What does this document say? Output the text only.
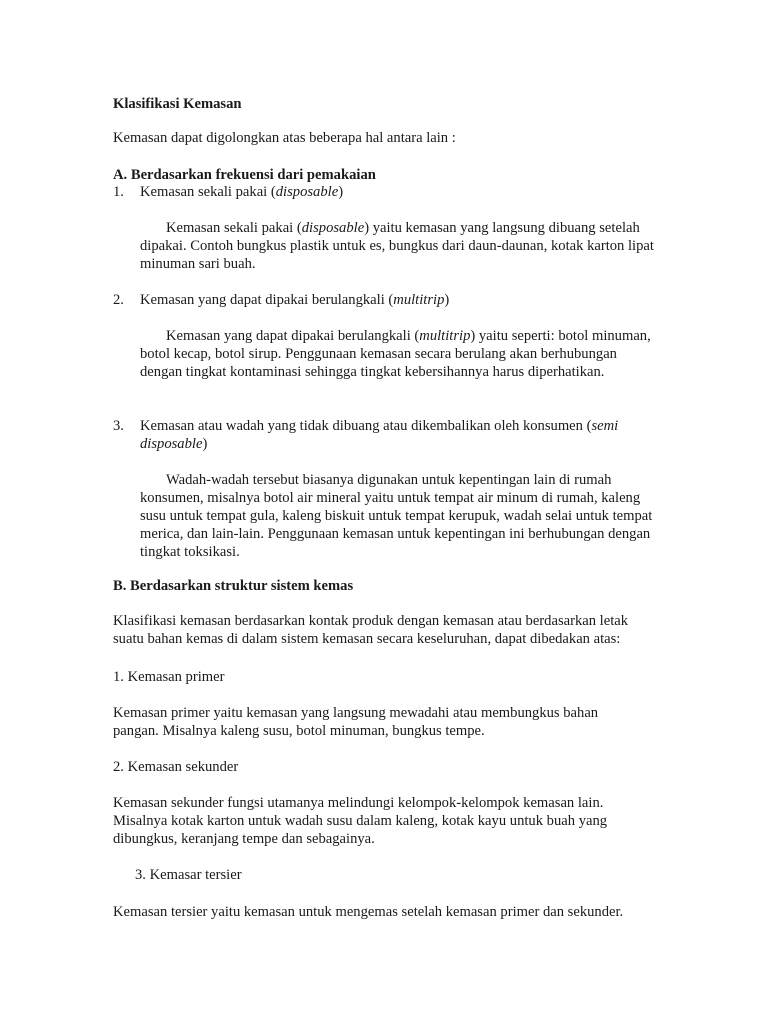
Klasifikasi Kemasan

Kemasan dapat digolongkan atas beberapa hal antara lain :

A. Berdasarkan frekuensi dari pemakaian

1. Kemasan sekali pakai (disposable)

Kemasan sekali pakai (disposable) yaitu kemasan yang langsung dibuang setelah dipakai. Contoh bungkus plastik untuk es, bungkus dari daun-daunan, kotak karton lipat minuman sari buah.

2. Kemasan yang dapat dipakai berulangkali (multitrip)

Kemasan yang dapat dipakai berulangkali (multitrip) yaitu seperti: botol minuman, botol kecap, botol sirup. Penggunaan kemasan secara berulang akan berhubungan dengan tingkat kontaminasi sehingga tingkat kebersihannya harus diperhatikan.

3. Kemasan atau wadah yang tidak dibuang atau dikembalikan oleh konsumen (semi disposable)

Wadah-wadah tersebut biasanya digunakan untuk kepentingan lain di rumah konsumen, misalnya botol air mineral yaitu untuk tempat air minum di rumah, kaleng susu untuk tempat gula, kaleng biskuit untuk tempat kerupuk, wadah selai untuk tempat merica, dan lain-lain. Penggunaan kemasan untuk kepentingan ini berhubungan dengan tingkat toksikasi.

B. Berdasarkan struktur sistem kemas

Klasifikasi kemasan berdasarkan kontak produk dengan kemasan atau berdasarkan letak suatu bahan kemas di dalam sistem kemasan secara keseluruhan, dapat dibedakan atas:

1. Kemasan primer

Kemasan primer yaitu kemasan yang langsung mewadahi atau membungkus bahan pangan. Misalnya kaleng susu, botol minuman, bungkus tempe.

2. Kemasan sekunder

Kemasan sekunder fungsi utamanya melindungi kelompok-kelompok kemasan lain. Misalnya kotak karton untuk wadah susu dalam kaleng, kotak kayu untuk buah yang dibungkus, keranjang tempe dan sebagainya.

3. Kemasar tersier

Kemasan tersier yaitu kemasan untuk mengemas setelah kemasan primer dan sekunder.
